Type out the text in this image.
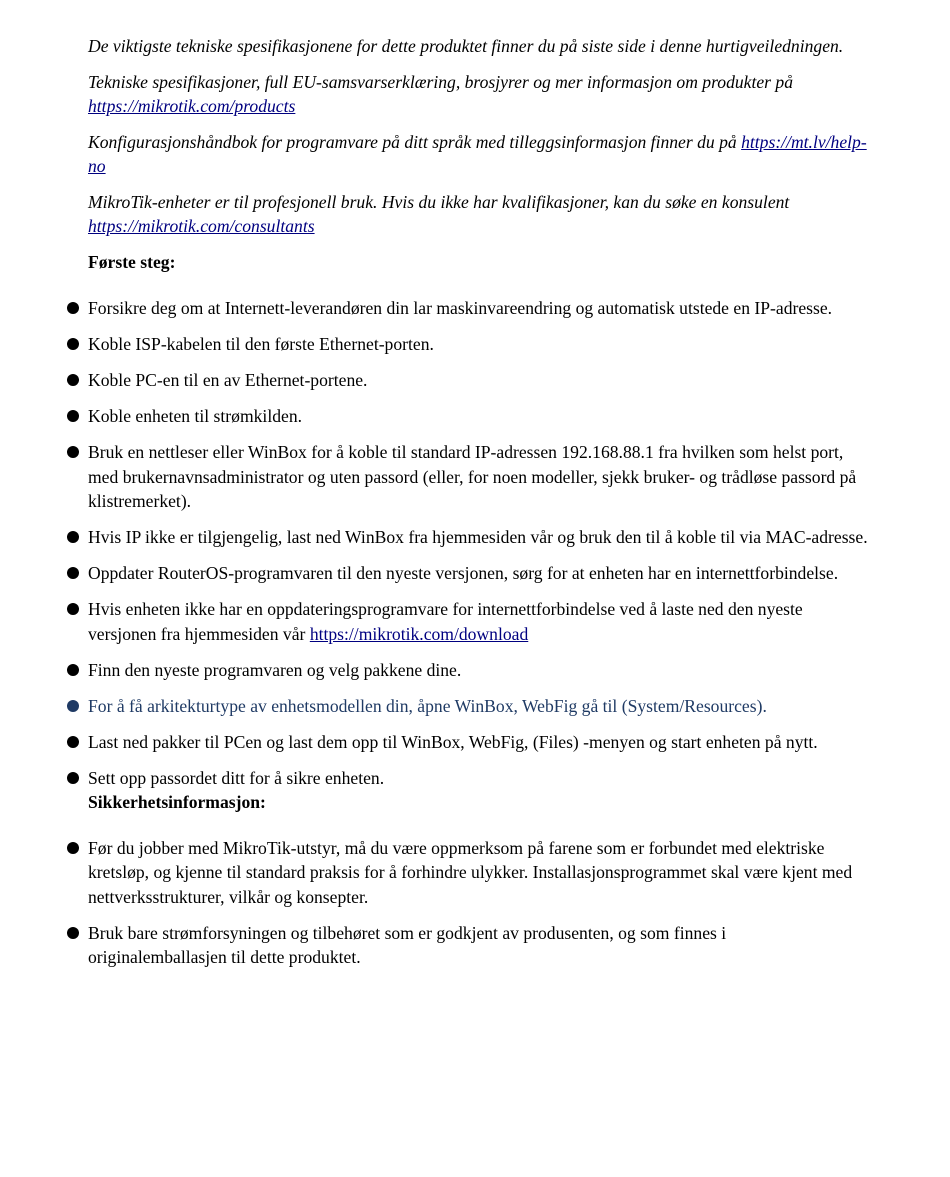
De viktigste tekniske spesifikasjonene for dette produktet finner du på siste side i denne hurtigveiledningen.

Tekniske spesifikasjoner, full EU-samsvarserklæring, brosjyrer og mer informasjon om produkter på https://mikrotik.com/products

Konfigurasjonshåndbok for programvare på ditt språk med tilleggsinformasjon finner du på https://mt.lv/help-no

MikroTik-enheter er til profesjonell bruk. Hvis du ikke har kvalifikasjoner, kan du søke en konsulent https://mikrotik.com/consultants

Første steg:

Forsikre deg om at Internett-leverandøren din lar maskinvareendring og automatisk utstede en IP-adresse.
Koble ISP-kabelen til den første Ethernet-porten.
Koble PC-en til en av Ethernet-portene.
Koble enheten til strømkilden.
Bruk en nettleser eller WinBox for å koble til standard IP-adressen 192.168.88.1 fra hvilken som helst port, med brukernavnsadministrator og uten passord (eller, for noen modeller, sjekk bruker- og trådløse passord på klistremerket).
Hvis IP ikke er tilgjengelig, last ned WinBox fra hjemmesiden vår og bruk den til å koble til via MAC-adresse.
Oppdater RouterOS-programvaren til den nyeste versjonen, sørg for at enheten har en internettforbindelse.
Hvis enheten ikke har en oppdateringsprogramvare for internettforbindelse ved å laste ned den nyeste versjonen fra hjemmesiden vår https://mikrotik.com/download
Finn den nyeste programvaren og velg pakkene dine.
For å få arkitekturtype av enhetsmodellen din, åpne WinBox, WebFig gå til (System/Resources).
Last ned pakker til PCen og last dem opp til WinBox, WebFig, (Files) -menyen og start enheten på nytt.
Sett opp passordet ditt for å sikre enheten.

Sikkerhetsinformasjon:

Før du jobber med MikroTik-utstyr, må du være oppmerksom på farene som er forbundet med elektriske kretsløp, og kjenne til standard praksis for å forhindre ulykker. Installasjonsprogrammet skal være kjent med nettverksstrukturer, vilkår og konsepter.
Bruk bare strømforsyningen og tilbehøret som er godkjent av produsenten, og som finnes i originalemballasjen til dette produktet.
